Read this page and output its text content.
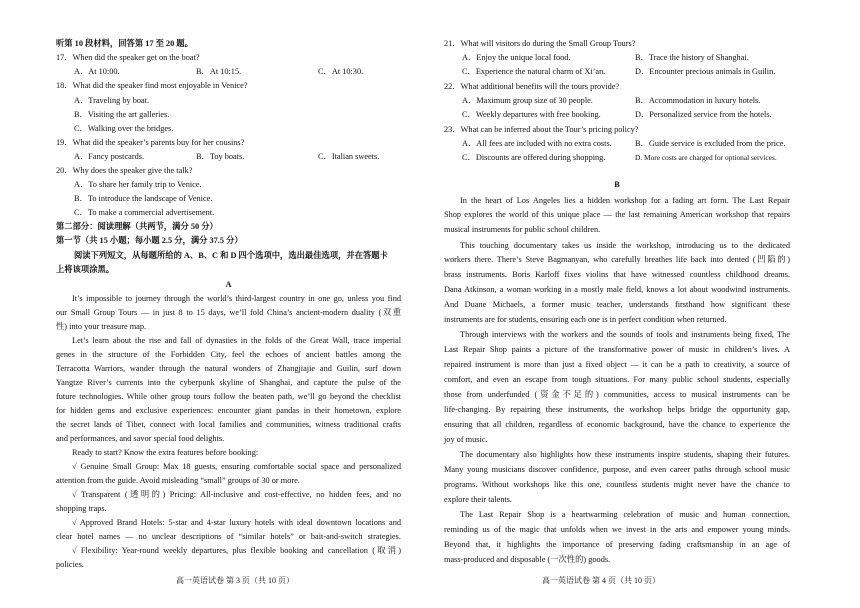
听第 10 段材料，回答第 17 至 20 题。
17．When did the speaker get on the boat?
A．At 10:00.	B．At 10:15.	C．At 10:30.
18．What did the speaker find most enjoyable in Venice?
A．Traveling by boat.
B．Visiting the art galleries.
C．Walking over the bridges.
19．What did the speaker’s parents buy for her cousins?
A．Fancy postcards.	B．Toy boats.	C．Italian sweets.
20．Why does the speaker give the talk?
A．To share her family trip to Venice.
B．To introduce the landscape of Venice.
C．To make a commercial advertisement.
第二部分：阅读理解（共两节，满分 50 分）
第一节（共 15 小题；每小题 2.5 分，满分 37.5 分）
阅读下列短文，从每题所给的 A、B、C 和 D 四个选项中，选出最佳选项，并在答题卡
上将该项涂黑。
A
It’s impossible to journey through the world’s third-largest country in one go, unless you find
our Small Group Tours — in just 8 to 15 days, we’ll fold China’s ancient-modern duality (双重
性) into your treasure map.
Let’s learn about the rise and fall of dynasties in the folds of the Great Wall, trace imperial
genes in the structure of the Forbidden City, feel the echoes of ancient battles among the
Terracotta Warriors, wander through the natural wonders of Zhangjiajie and Guilin, surf down
Yangtze River’s currents into the cyberpunk skyline of Shanghai, and capture the pulse of the
future technologies. While other group tours follow the beaten path, we’ll go beyond the checklist
for hidden gems and exclusive experiences: encounter giant pandas in their hometown, explore
the secret lands of Tibet, connect with local families and communities, witness traditional crafts
and performances, and savor special food delights.
Ready to start? Know the extra features before booking:
√ Genuine Small Group: Max 18 guests, ensuring comfortable social space and personalized
attention from the guide. Avoid misleading “small” groups of 30 or more.
√ Transparent (透明的) Pricing: All-inclusive and cost-effective, no hidden fees, and no
shopping traps.
√ Approved Brand Hotels: 5-star and 4-star luxury hotels with ideal downtown locations and
clear hotel names — no unclear descriptions of “similar hotels” or bait-and-switch strategies.
√ Flexibility: Year-round weekly departures, plus flexible booking and cancellation (取消)
policies.
高一英语试卷 第 3 页（共 10 页）
21．What will visitors do during the Small Group Tours?
A．Enjoy the unique local food.	B．Trace the history of Shanghai.
C．Experience the natural charm of Xi’an.	D．Encounter precious animals in Guilin.
22．What additional benefits will the tours provide?
A．Maximum group size of 30 people.	B．Accommodation in luxury hotels.
C．Weekly departures with free booking.	D．Personalized service from the hotels.
23．What can be inferred about the Tour’s pricing policy?
A．All fees are included with no extra costs.	B．Guide service is excluded from the price.
C．Discounts are offered during shopping.	D. More costs are charged for optional services.
B
In the heart of Los Angeles lies a hidden workshop for a fading art form. The Last Repair
Shop explores the world of this unique place — the last remaining American workshop that repairs
musical instruments for public school children.
This touching documentary takes us inside the workshop, introducing us to the dedicated
workers there. There’s Steve Bagmanyan, who carefully breathes life back into dented (凹陷的)
brass instruments. Boris Karloff fixes violins that have witnessed countless childhood dreams.
Dana Atkinson, a woman working in a mostly male field, knows a lot about woodwind instruments.
And Duane Michaels, a former music teacher, understands firsthand how significant these
instruments are for students, ensuring each one is in perfect condition when returned.
Through interviews with the workers and the sounds of tools and instruments being fixed, The
Last Repair Shop paints a picture of the transformative power of music in children’s lives. A
repaired instrument is more than just a fixed object — it can be a path to creativity, a source of
comfort, and even an escape from tough situations. For many public school students, especially
those from underfunded (资金不足的) communities, access to musical instruments can be
life-changing. By repairing these instruments, the workshop helps bridge the opportunity gap,
ensuring that all children, regardless of economic background, have the chance to experience the
joy of music.
The documentary also highlights how these instruments inspire students, shaping their futures.
Many young musicians discover confidence, purpose, and even career paths through school music
programs. Without workshops like this one, countless students might never have the chance to
explore their talents.
The Last Repair Shop is a heartwarming celebration of music and human connection,
reminding us of the magic that unfolds when we invest in the arts and empower young minds.
Beyond that, it highlights the importance of preserving fading craftsmanship in an age of
mass-produced and disposable (一次性的) goods.
高一英语试卷 第 4 页（共 10 页）
